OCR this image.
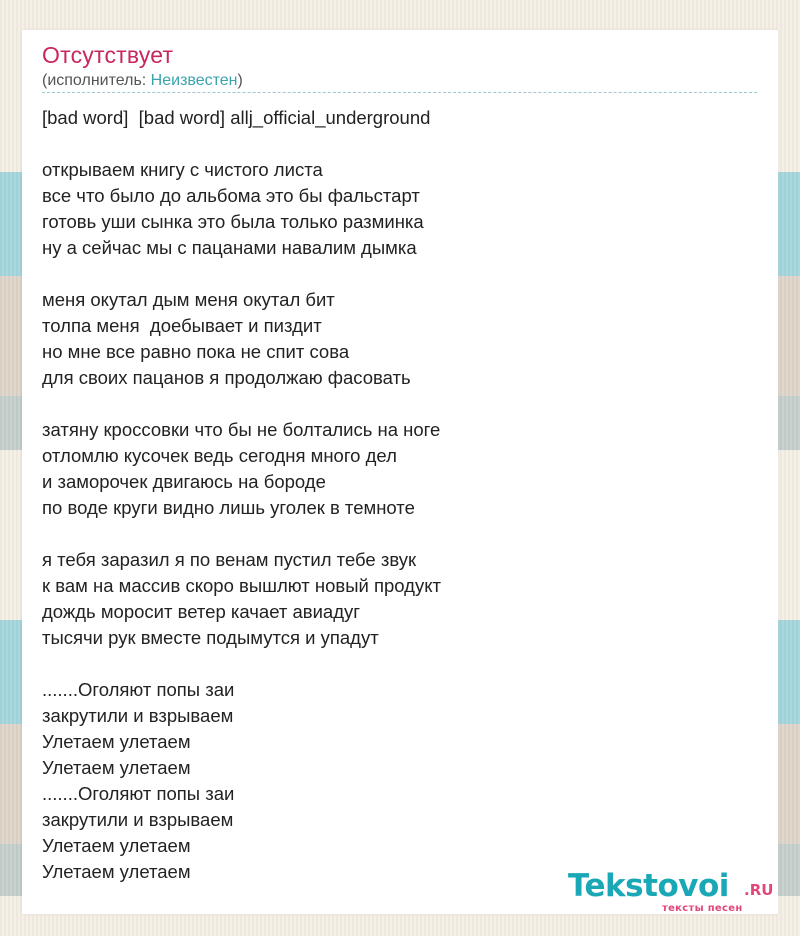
Отсутствует
(исполнитель: Неизвестен)
[bad word]  [bad word] allj_official_underground
открываем книгу с чистого листа
все что было до альбома это бы фальстарт
готовь уши сынка это была только разминка
ну а сейчас мы с пацанами навалим дымка
меня окутал дым меня окутал бит
толпа меня  доебывает и пиздит
но мне все равно пока не спит сова
для своих пацанов я продолжаю фасовать
затяну кроссовки что бы не болтались на ноге
отломлю кусочек ведь сегодня много дел
и заморочек двигаюсь на бороде
по воде круги видно лишь уголек в темноте
я тебя заразил я по венам пустил тебе звук
к вам на массив скоро вышлют новый продукт
дождь моросит ветер качает авиадуг
тысячи рук вместе подымутся и упадут
.......Оголяют попы заи
закрутили и взрываем
Улетаем улетаем
Улетаем улетаем
.......Оголяют попы заи
закрутили и взрываем
Улетаем улетаем
Улетаем улетаем	Tekstovoi .RU
тексты песен
